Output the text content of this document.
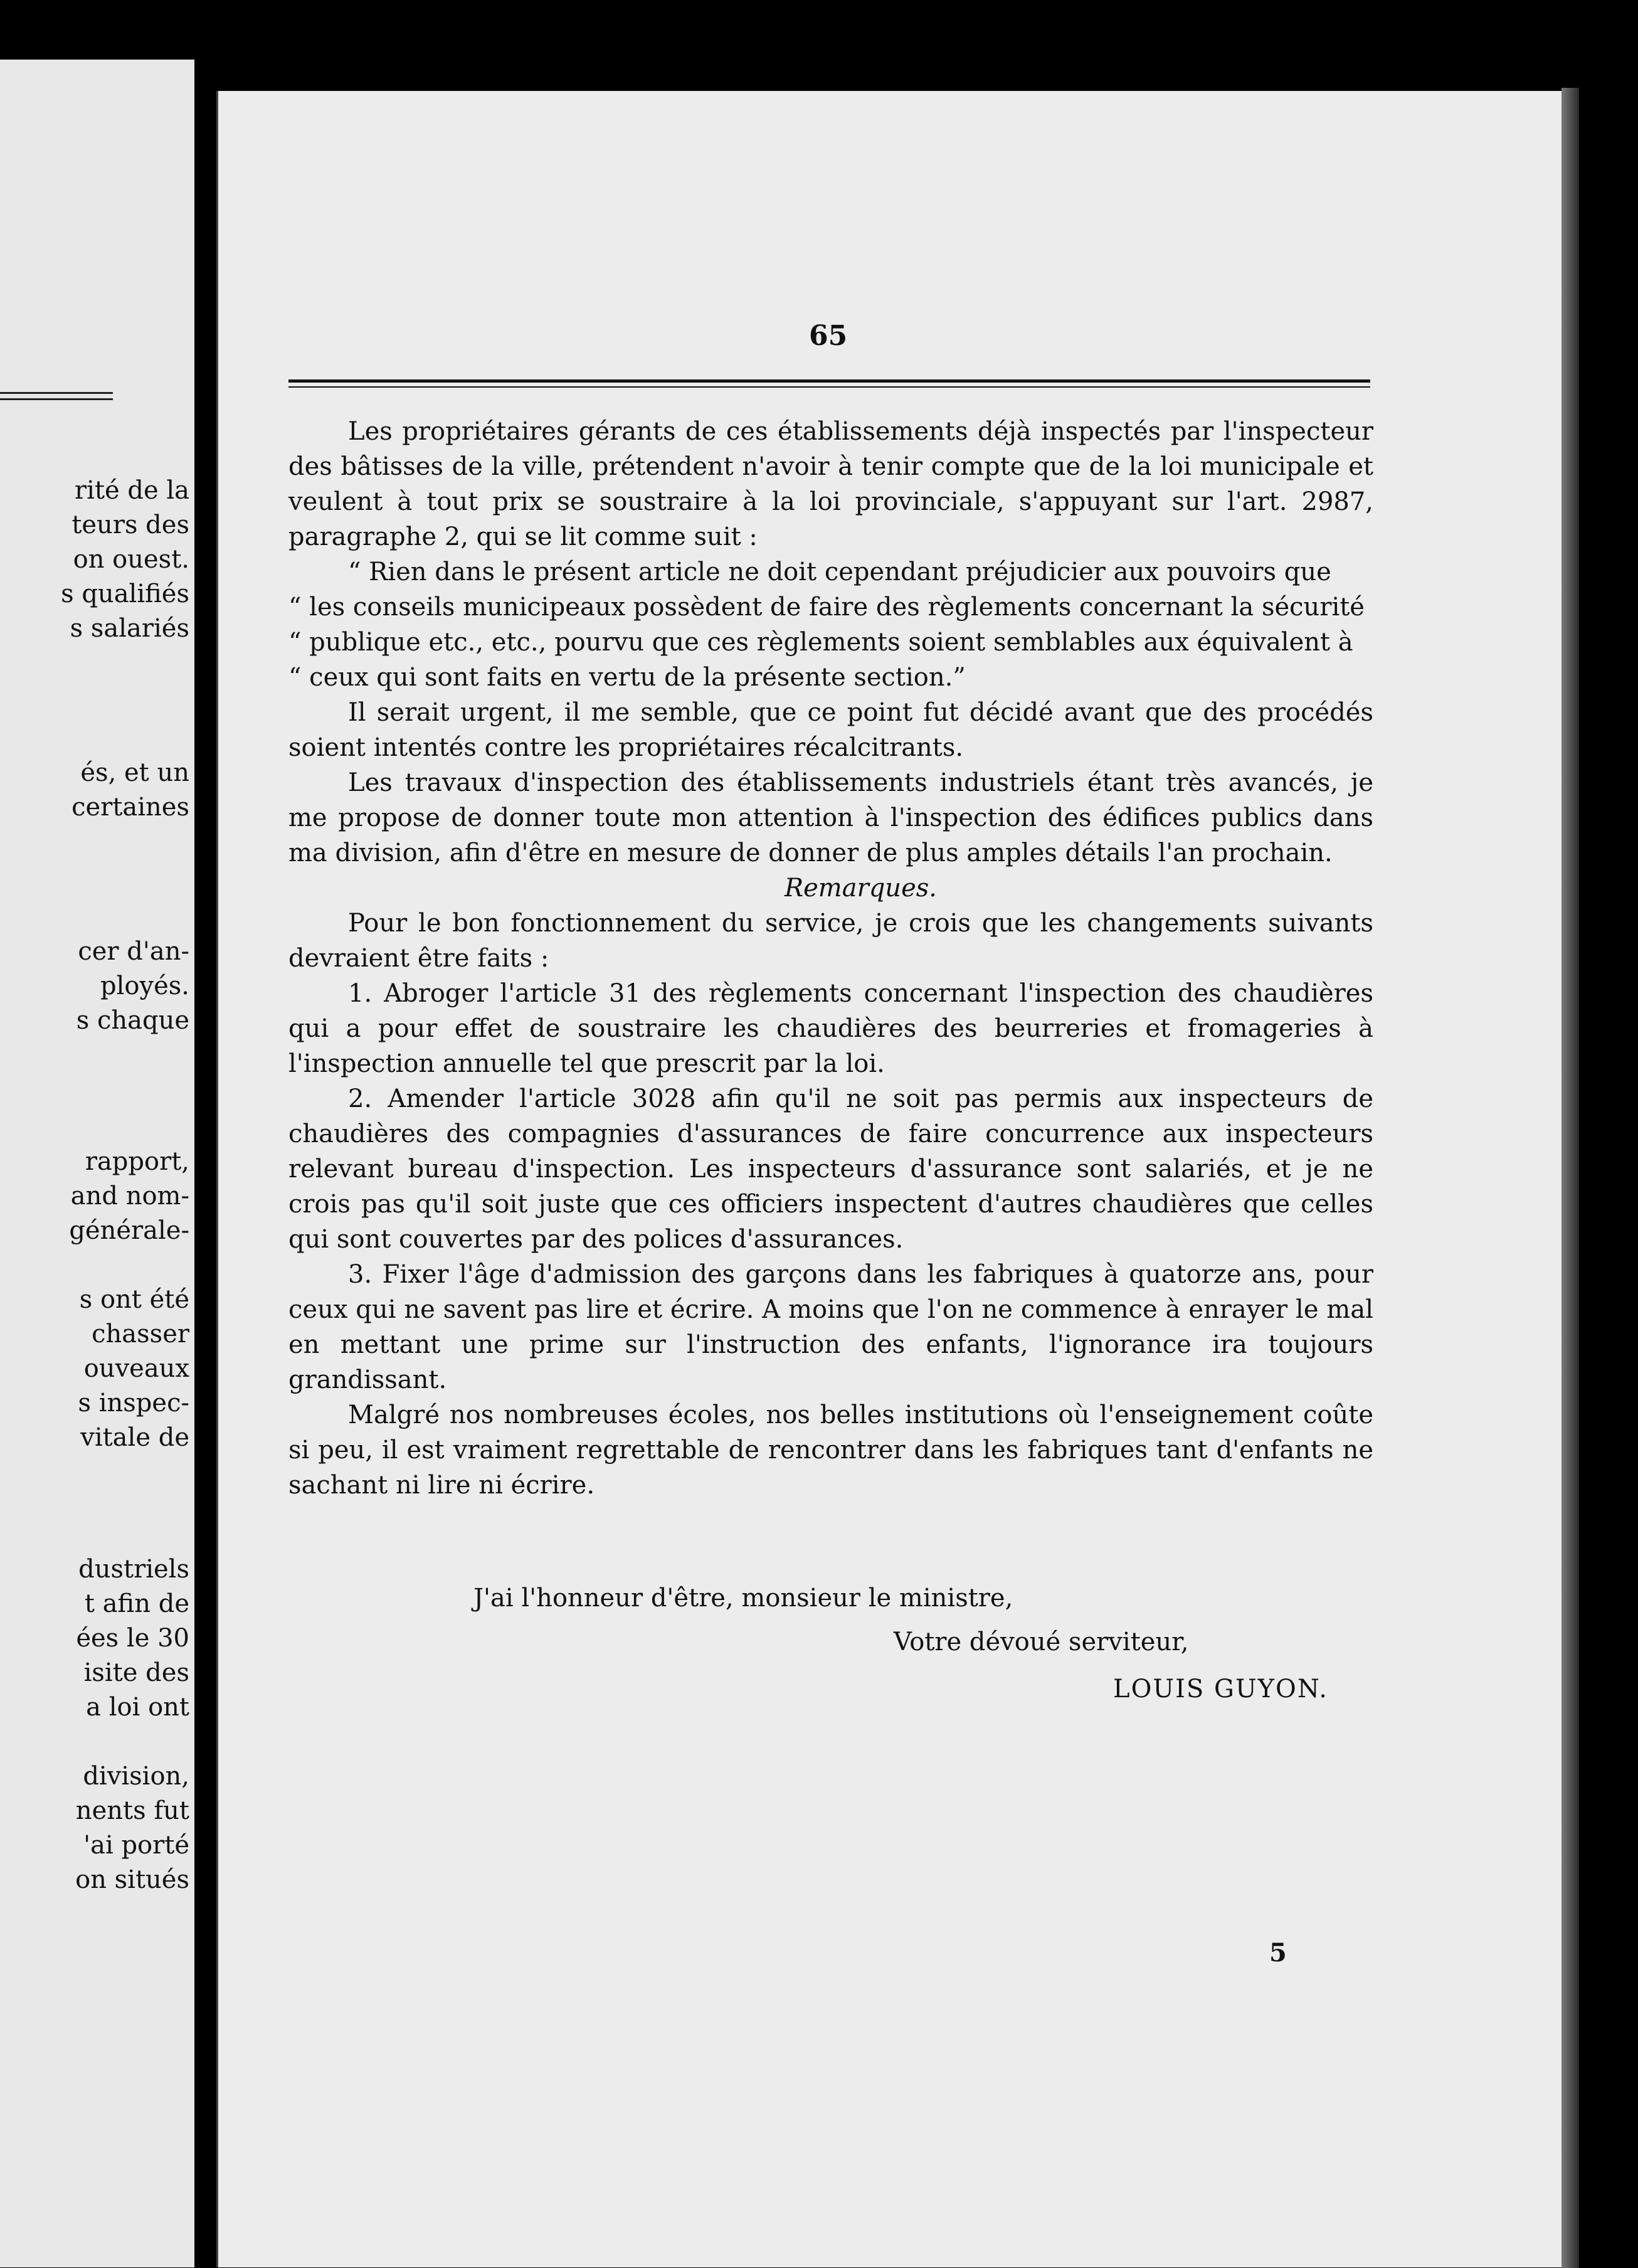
rité de la
teurs des
on ouest.
s qualifiés
s salariés
és, et un
certaines
cer d'an-
ployés.
s chaque
rapport,
and nom-
générale-
s ont été
chasser
ouveaux
s inspec-
vitale de
dustriels
t afin de
ées le 30
isite des
a loi ont
division,
nents fut
'ai porté
on situés
65

Les propriétaires gérants de ces établissements déjà inspectés par l'inspecteur des bâtisses de la ville, prétendent n'avoir à tenir compte que de la loi municipale et veulent à tout prix se soustraire à la loi provinciale, s'appuyant sur l'art. 2987, paragraphe 2, qui se lit comme suit :

“ Rien dans le présent article ne doit cependant préjudicier aux pouvoirs que

“ les conseils municipeaux possèdent de faire des règlements concernant la sécurité

“ publique etc., etc., pourvu que ces règlements soient semblables aux équivalent à

“ ceux qui sont faits en vertu de la présente section.”

Il serait urgent, il me semble, que ce point fut décidé avant que des procédés soient intentés contre les propriétaires récalcitrants.

Les travaux d'inspection des établissements industriels étant très avancés, je me propose de donner toute mon attention à l'inspection des édifices publics dans ma division, afin d'être en mesure de donner de plus amples détails l'an prochain.

Remarques.

Pour le bon fonctionnement du service, je crois que les changements suivants devraient être faits :

1. Abroger l'article 31 des règlements concernant l'inspection des chaudières qui a pour effet de soustraire les chaudières des beurreries et fromageries à l'inspection annuelle tel que prescrit par la loi.

2. Amender l'article 3028 afin qu'il ne soit pas permis aux inspecteurs de chaudières des compagnies d'assurances de faire concurrence aux inspecteurs relevant bureau d'inspection. Les inspecteurs d'assurance sont salariés, et je ne crois pas qu'il soit juste que ces officiers inspectent d'autres chaudières que celles qui sont couvertes par des polices d'assurances.

3. Fixer l'âge d'admission des garçons dans les fabriques à quatorze ans, pour ceux qui ne savent pas lire et écrire. A moins que l'on ne commence à enrayer le mal en mettant une prime sur l'instruction des enfants, l'ignorance ira toujours grandissant.

Malgré nos nombreuses écoles, nos belles institutions où l'enseignement coûte si peu, il est vraiment regrettable de rencontrer dans les fabriques tant d'enfants ne sachant ni lire ni écrire.

J'ai l'honneur d'être, monsieur le ministre,
Votre dévoué serviteur,
LOUIS GUYON.
5
